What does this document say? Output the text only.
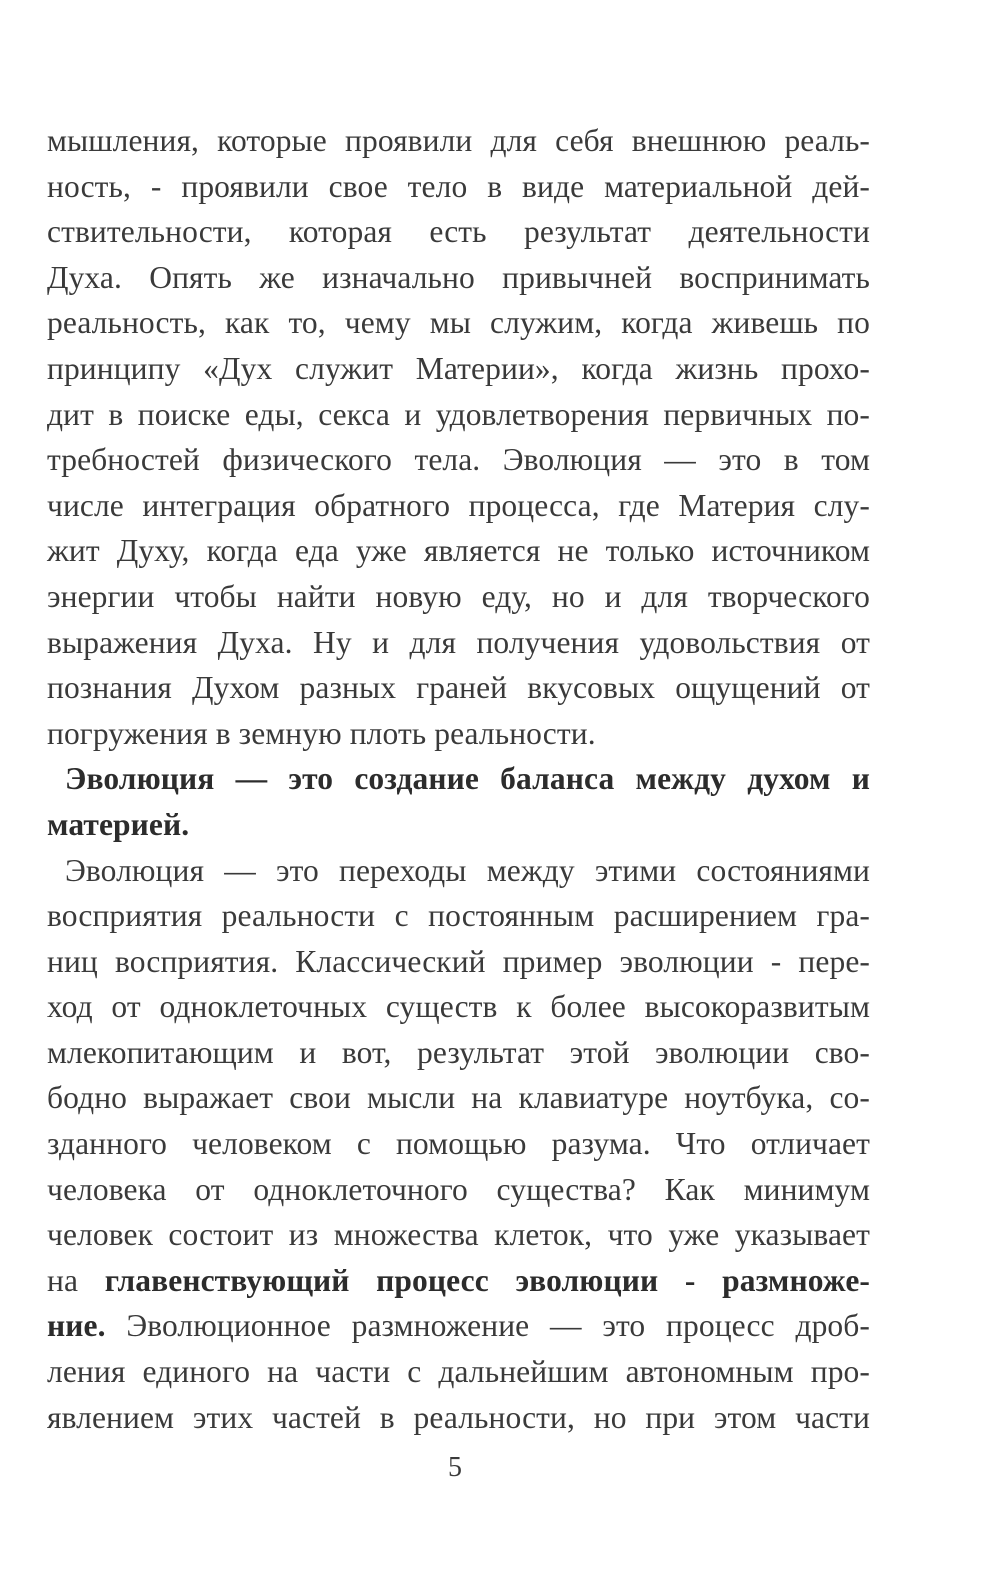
мышления, которые проявили для себя внешнюю реаль-
ность, - проявили свое тело в виде материальной дей-
ствительности, которая есть результат деятельности
Духа. Опять же изначально привычней воспринимать
реальность, как то, чему мы служим, когда живешь по
принципу «Дух служит Материи», когда жизнь прохо-
дит в поиске еды, секса и удовлетворения первичных по-
требностей физического тела. Эволюция — это в том
числе интеграция обратного процесса, где Материя слу-
жит Духу, когда еда уже является не только источником
энергии чтобы найти новую еду, но и для творческого
выражения Духа. Ну и для получения удовольствия от
познания Духом разных граней вкусовых ощущений от
погружения в земную плоть реальности.
Эволюция — это создание баланса между духом и
материей.
Эволюция — это переходы между этими состояниями
восприятия реальности с постоянным расширением гра-
ниц восприятия. Классический пример эволюции - пере-
ход от одноклеточных существ к более высокоразвитым
млекопитающим и вот, результат этой эволюции сво-
бодно выражает свои мысли на клавиатуре ноутбука, со-
зданного человеком с помощью разума. Что отличает
человека от одноклеточного существа? Как минимум
человек состоит из множества клеток, что уже указывает
на главенствующий процесс эволюции - размноже-
ние. Эволюционное размножение — это процесс дроб-
ления единого на части с дальнейшим автономным про-
явлением этих частей в реальности, но при этом части
5
